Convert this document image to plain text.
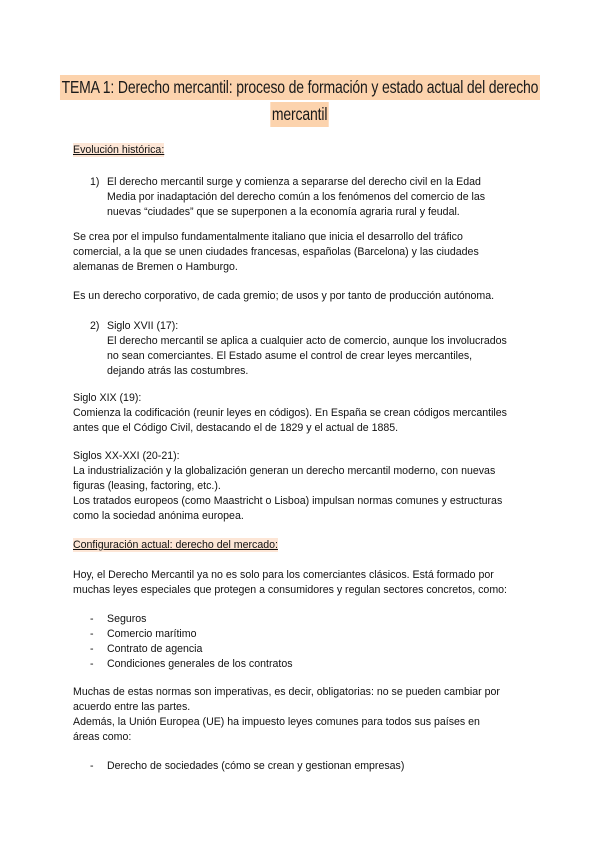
TEMA 1: Derecho mercantil: proceso de formación y estado actual del derecho
mercantil
Evolución histórica:
1) El derecho mercantil surge y comienza a separarse del derecho civil en la Edad
Media por inadaptación del derecho común a los fenómenos del comercio de las
nuevas “ciudades” que se superponen a la economía agraria rural y feudal.
Se crea por el impulso fundamentalmente italiano que inicia el desarrollo del tráfico
comercial, a la que se unen ciudades francesas, españolas (Barcelona) y las ciudades
alemanas de Bremen o Hamburgo.
Es un derecho corporativo, de cada gremio; de usos y por tanto de producción autónoma.
2) Siglo XVII (17):
El derecho mercantil se aplica a cualquier acto de comercio, aunque los involucrados
no sean comerciantes. El Estado asume el control de crear leyes mercantiles,
dejando atrás las costumbres.
Siglo XIX (19):
Comienza la codificación (reunir leyes en códigos). En España se crean códigos mercantiles
antes que el Código Civil, destacando el de 1829 y el actual de 1885.
Siglos XX-XXI (20-21):
La industrialización y la globalización generan un derecho mercantil moderno, con nuevas
figuras (leasing, factoring, etc.).
Los tratados europeos (como Maastricht o Lisboa) impulsan normas comunes y estructuras
como la sociedad anónima europea.
Configuración actual: derecho del mercado:
Hoy, el Derecho Mercantil ya no es solo para los comerciantes clásicos. Está formado por
muchas leyes especiales que protegen a consumidores y regulan sectores concretos, como:
- Seguros
- Comercio marítimo
- Contrato de agencia
- Condiciones generales de los contratos
Muchas de estas normas son imperativas, es decir, obligatorias: no se pueden cambiar por
acuerdo entre las partes.
Además, la Unión Europea (UE) ha impuesto leyes comunes para todos sus países en
áreas como:
- Derecho de sociedades (cómo se crean y gestionan empresas)
